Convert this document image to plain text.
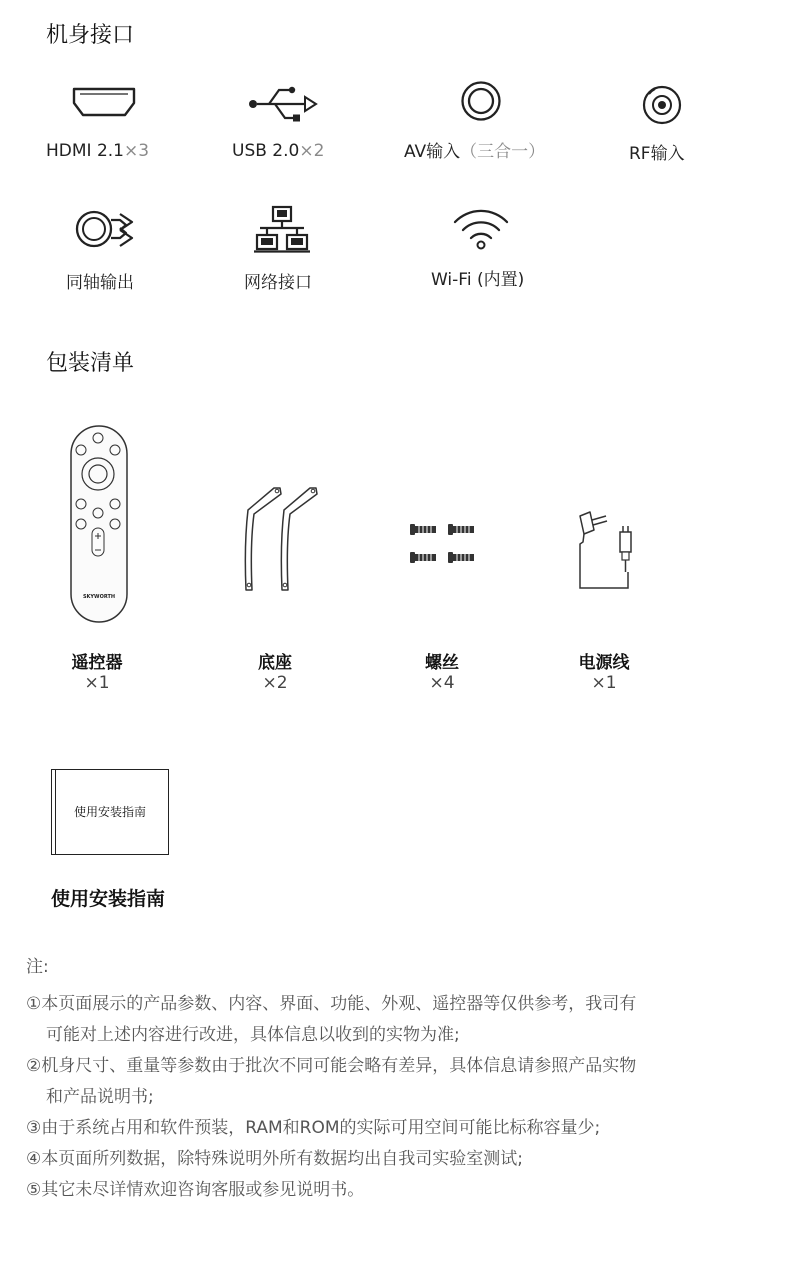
机身接口
HDMI 2.1×3	USB 2.0×2	AV输入（三合一）	RF输入
同轴输出	网络接口	Wi-Fi (内置)
包装清单
SKYWORTH
遥控器
×1
底座
×2
螺丝
×4
电源线
×1
使用安装指南
使用安装指南
注:
①本页面展示的产品参数、内容、界面、功能、外观、遥控器等仅供参考，我司有
可能对上述内容进行改进，具体信息以收到的实物为准;
②机身尺寸、重量等参数由于批次不同可能会略有差异，具体信息请参照产品实物
和产品说明书;
③由于系统占用和软件预装，RAM和ROM的实际可用空间可能比标称容量少;
④本页面所列数据，除特殊说明外所有数据均出自我司实验室测试;
⑤其它未尽详情欢迎咨询客服或参见说明书。
